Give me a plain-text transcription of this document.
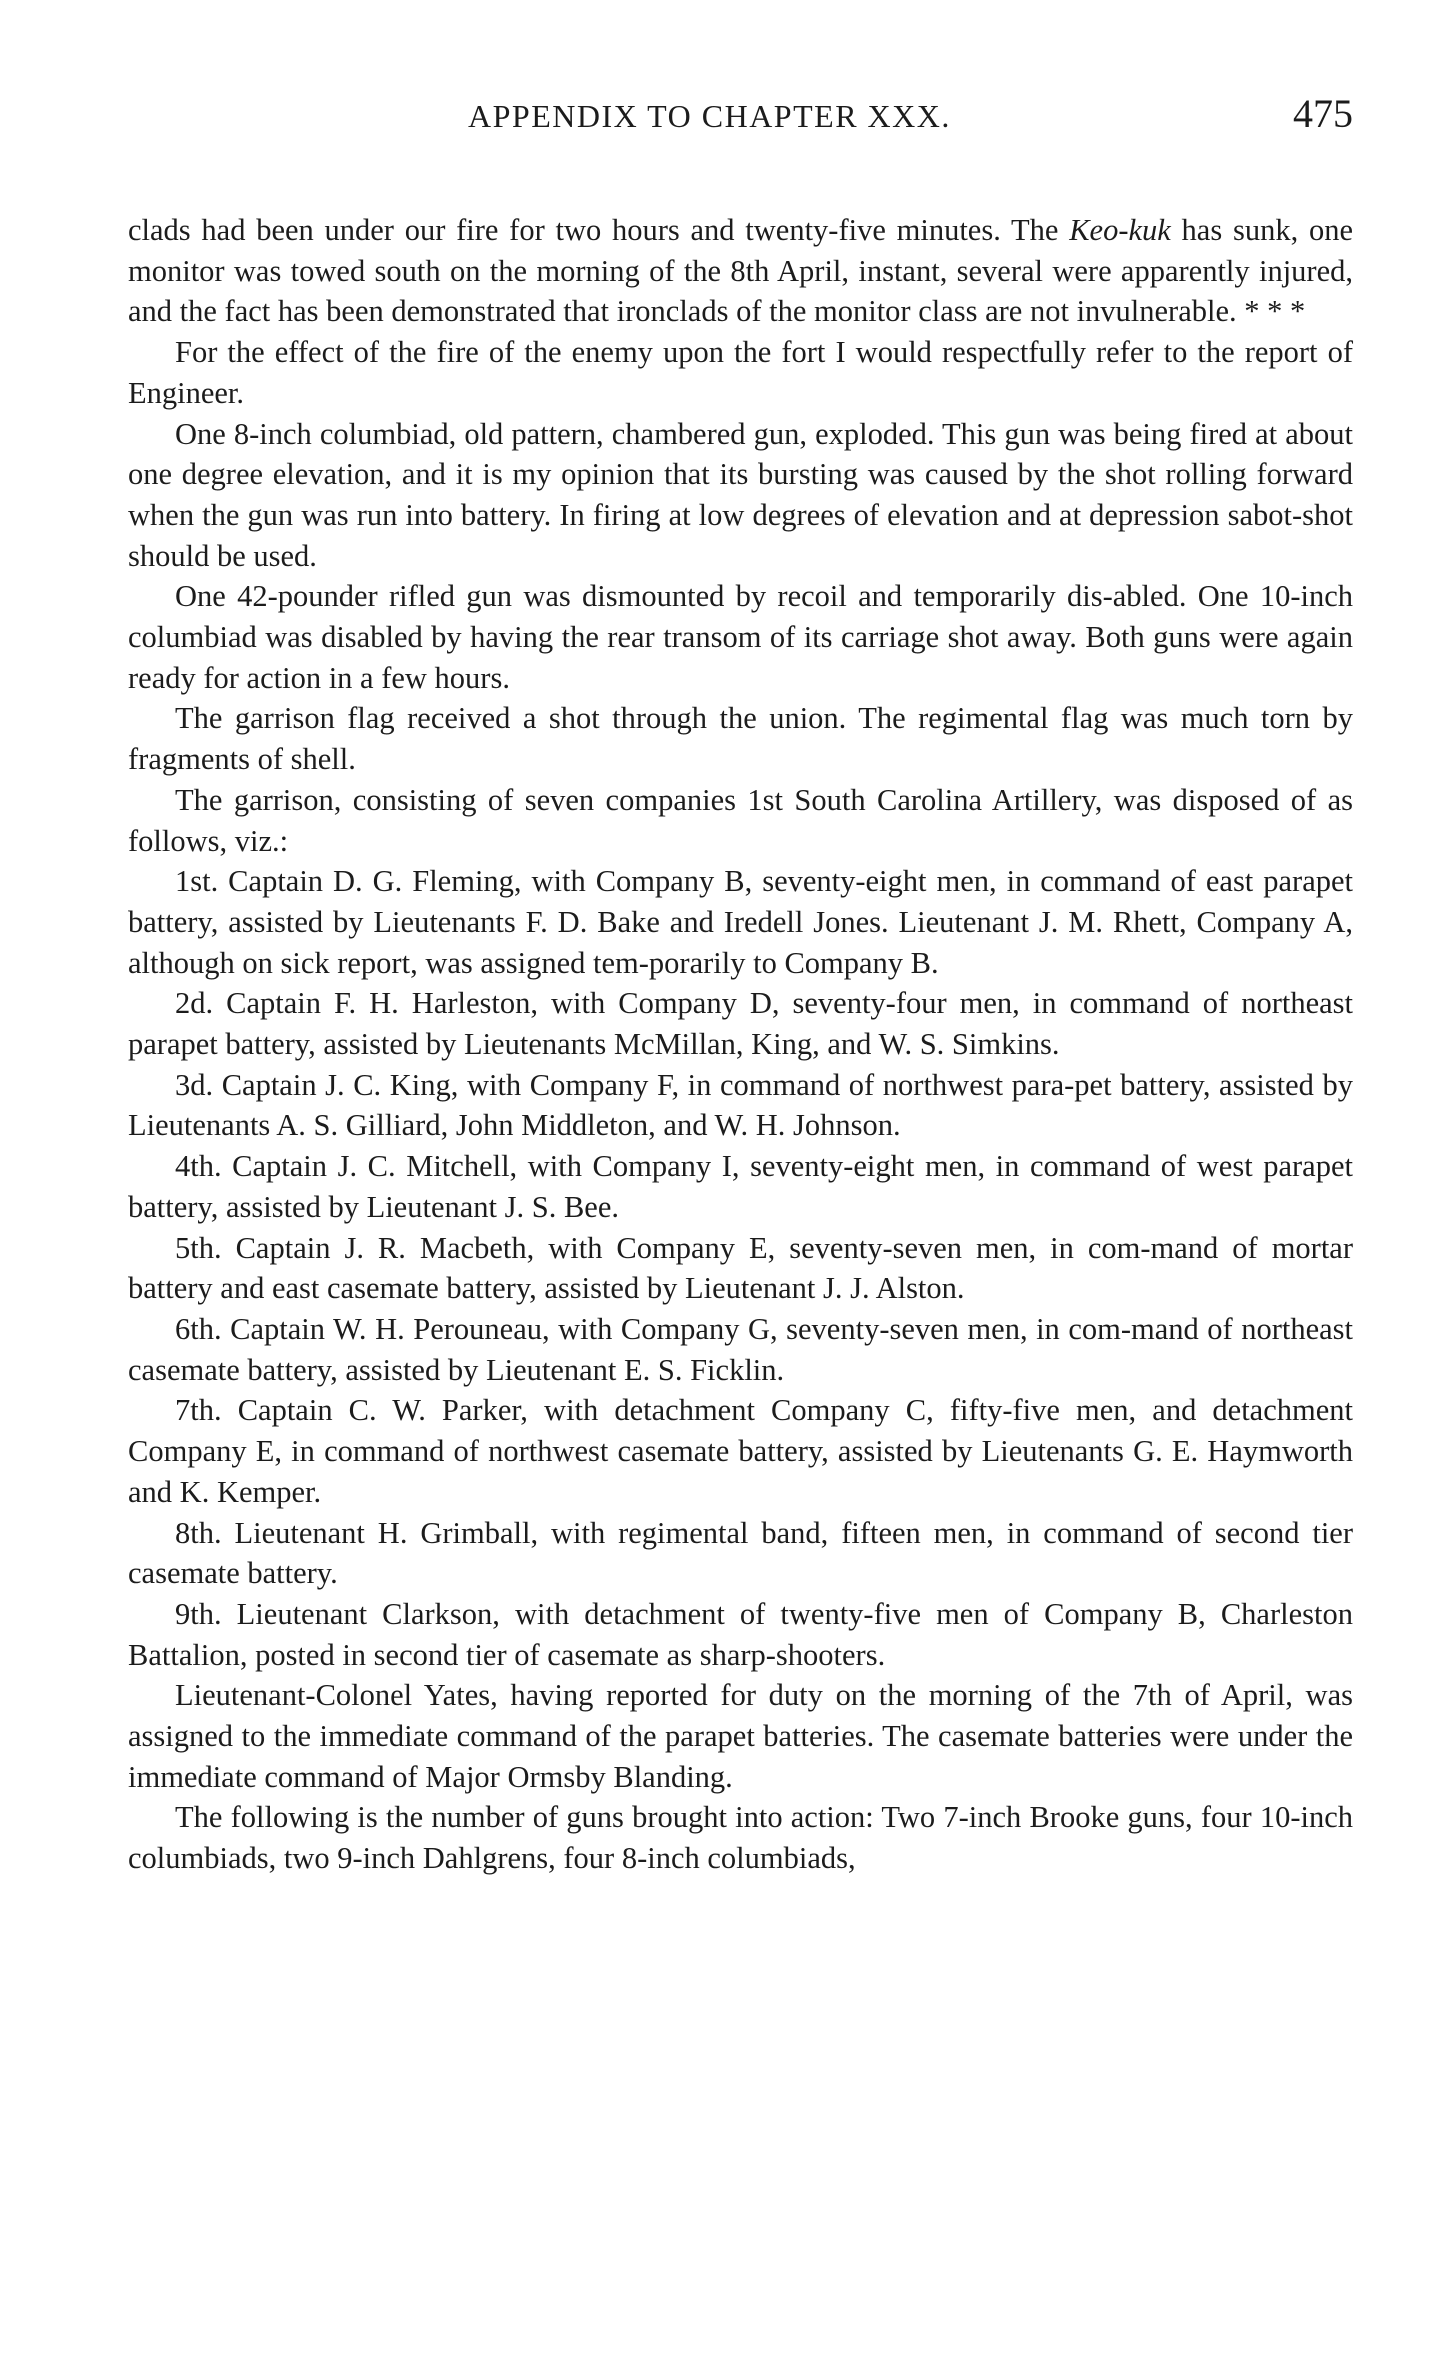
APPENDIX TO CHAPTER XXX.	475

clads had been under our fire for two hours and twenty-five minutes. The Keo-kuk has sunk, one monitor was towed south on the morning of the 8th April, instant, several were apparently injured, and the fact has been demonstrated that ironclads of the monitor class are not invulnerable. * * *

For the effect of the fire of the enemy upon the fort I would respectfully refer to the report of Engineer.

One 8-inch columbiad, old pattern, chambered gun, exploded. This gun was being fired at about one degree elevation, and it is my opinion that its bursting was caused by the shot rolling forward when the gun was run into battery. In firing at low degrees of elevation and at depression sabot-shot should be used.

One 42-pounder rifled gun was dismounted by recoil and temporarily dis-abled. One 10-inch columbiad was disabled by having the rear transom of its carriage shot away. Both guns were again ready for action in a few hours.

The garrison flag received a shot through the union. The regimental flag was much torn by fragments of shell.

The garrison, consisting of seven companies 1st South Carolina Artillery, was disposed of as follows, viz.:

1st. Captain D. G. Fleming, with Company B, seventy-eight men, in command of east parapet battery, assisted by Lieutenants F. D. Bake and Iredell Jones. Lieutenant J. M. Rhett, Company A, although on sick report, was assigned tem-porarily to Company B.

2d. Captain F. H. Harleston, with Company D, seventy-four men, in command of northeast parapet battery, assisted by Lieutenants McMillan, King, and W. S. Simkins.

3d. Captain J. C. King, with Company F, in command of northwest para-pet battery, assisted by Lieutenants A. S. Gilliard, John Middleton, and W. H. Johnson.

4th. Captain J. C. Mitchell, with Company I, seventy-eight men, in command of west parapet battery, assisted by Lieutenant J. S. Bee.

5th. Captain J. R. Macbeth, with Company E, seventy-seven men, in com-mand of mortar battery and east casemate battery, assisted by Lieutenant J. J. Alston.

6th. Captain W. H. Perouneau, with Company G, seventy-seven men, in com-mand of northeast casemate battery, assisted by Lieutenant E. S. Ficklin.

7th. Captain C. W. Parker, with detachment Company C, fifty-five men, and detachment Company E, in command of northwest casemate battery, assisted by Lieutenants G. E. Haymworth and K. Kemper.

8th. Lieutenant H. Grimball, with regimental band, fifteen men, in command of second tier casemate battery.

9th. Lieutenant Clarkson, with detachment of twenty-five men of Company B, Charleston Battalion, posted in second tier of casemate as sharp-shooters.

Lieutenant-Colonel Yates, having reported for duty on the morning of the 7th of April, was assigned to the immediate command of the parapet batteries. The casemate batteries were under the immediate command of Major Ormsby Blanding.

The following is the number of guns brought into action: Two 7-inch Brooke guns, four 10-inch columbiads, two 9-inch Dahlgrens, four 8-inch columbiads,
